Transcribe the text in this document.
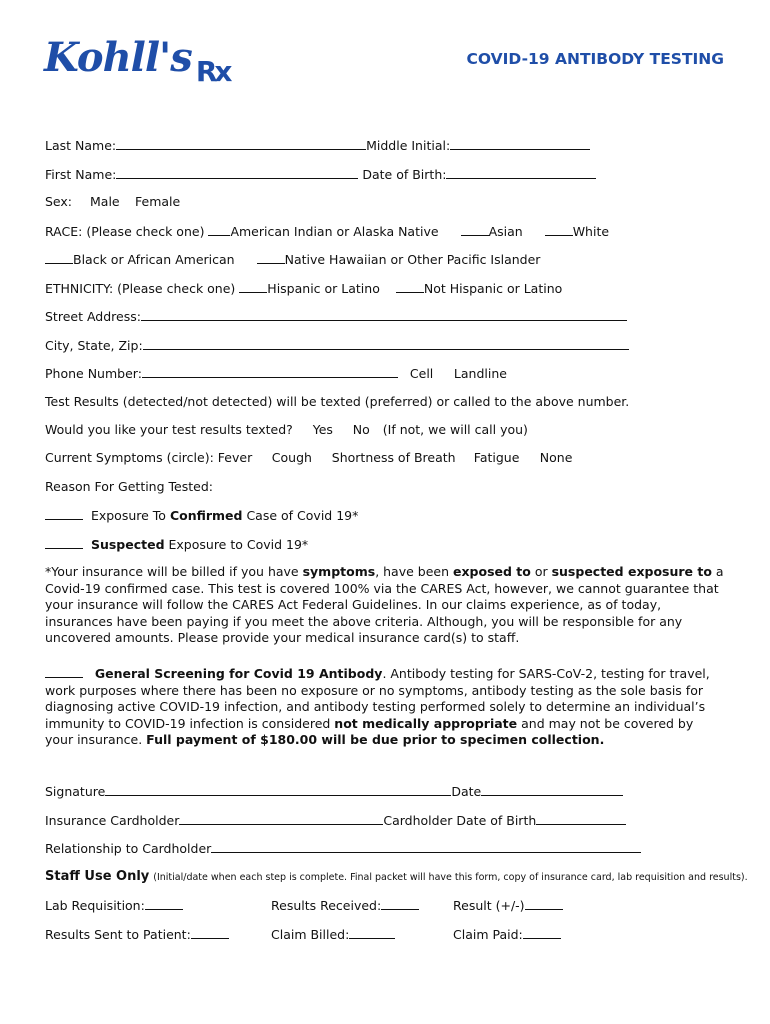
Kohll's $_{Rx}$	COVID-19 ANTIBODY TESTING
Last Name:	Middle Initial:
First Name:	Date of Birth:
Sex: Male Female
RACE: (Please check one) American Indian or Alaska Native	Asian	White
Black or African American	Native Hawaiian or Other Pacific Islander
ETHNICITY: (Please check one)	Hispanic or Latino	Not Hispanic or Latino
Street Address:
City, State, Zip:
Phone Number:	Cell Landline
Test Results (detected/not detected) will be texted (preferred) or called to the above number.
Would you like your test results texted? Yes No (If not, we will call you)
Current Symptoms (circle): Fever Cough Shortness of Breath Fatigue None
Reason For Getting Tested:
Exposure To Confirmed Case of Covid 19*
Suspected Exposure to Covid 19*
*Your insurance will be billed if you have symptoms, have been exposed to or suspected exposure to a Covid-19 confirmed case. This test is covered 100% via the CARES Act, however, we cannot guarantee that your insurance will follow the CARES Act Federal Guidelines. In our claims experience, as of today, insurances have been paying if you meet the above criteria. Although, you will be responsible for any uncovered amounts. Please provide your medical insurance card(s) to staff.
General Screening for Covid 19 Antibody. Antibody testing for SARS-CoV-2, testing for travel, work purposes where there has been no exposure or no symptoms, antibody testing as the sole basis for diagnosing active COVID-19 infection, and antibody testing performed solely to determine an individual’s immunity to COVID-19 infection is considered not medically appropriate and may not be covered by your insurance. Full payment of $180.00 will be due prior to specimen collection.
Signature	Date
Insurance Cardholder	Cardholder Date of Birth
Relationship to Cardholder
Staff Use Only (Initial/date when each step is complete. Final packet will have this form, copy of insurance card, lab requisition and results).
Lab Requisition:	Results Received:	Result (+/-)
Results Sent to Patient:	Claim Billed:	Claim Paid:
